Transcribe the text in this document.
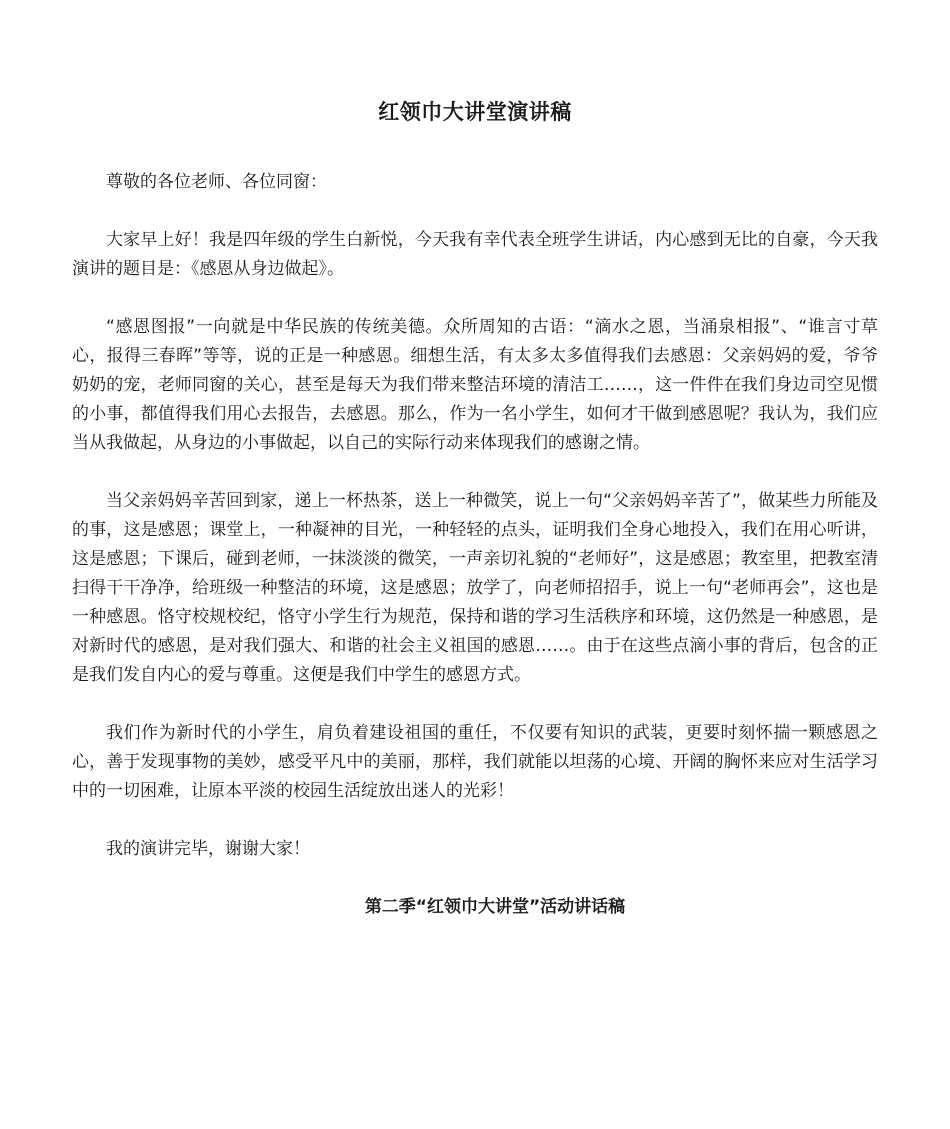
红领巾大讲堂演讲稿

尊敬的各位老师、各位同窗：

大家早上好！我是四年级的学生白新悦，今天我有幸代表全班学生讲话，内心感到无比的自豪，今天我演讲的题目是：《感恩从身边做起》。

“感恩图报”一向就是中华民族的传统美德。众所周知的古语：“滴水之恩，当涌泉相报”、“谁言寸草心，报得三春晖”等等，说的正是一种感恩。细想生活，有太多太多值得我们去感恩：父亲妈妈的爱，爷爷奶奶的宠，老师同窗的关心，甚至是每天为我们带来整洁环境的清洁工……，这一件件在我们身边司空见惯的小事，都值得我们用心去报告，去感恩。那么，作为一名小学生，如何才干做到感恩呢？我认为，我们应当从我做起，从身边的小事做起，以自己的实际行动来体现我们的感谢之情。

当父亲妈妈辛苦回到家，递上一杯热茶，送上一种微笑，说上一句“父亲妈妈辛苦了”，做某些力所能及的事，这是感恩；课堂上，一种凝神的目光，一种轻轻的点头，证明我们全身心地投入，我们在用心听讲，这是感恩；下课后，碰到老师，一抹淡淡的微笑，一声亲切礼貌的“老师好”，这是感恩；教室里，把教室清扫得干干净净，给班级一种整洁的环境，这是感恩；放学了，向老师招招手，说上一句“老师再会”，这也是一种感恩。恪守校规校纪，恪守小学生行为规范，保持和谐的学习生活秩序和环境，这仍然是一种感恩，是对新时代的感恩，是对我们强大、和谐的社会主义祖国的感恩……。由于在这些点滴小事的背后，包含的正是我们发自内心的爱与尊重。这便是我们中学生的感恩方式。

我们作为新时代的小学生，肩负着建设祖国的重任，不仅要有知识的武装，更要时刻怀揣一颗感恩之心，善于发现事物的美妙，感受平凡中的美丽，那样，我们就能以坦荡的心境、开阔的胸怀来应对生活学习中的一切困难，让原本平淡的校园生活绽放出迷人的光彩！

我的演讲完毕，谢谢大家！

第二季“红领巾大讲堂”活动讲话稿
